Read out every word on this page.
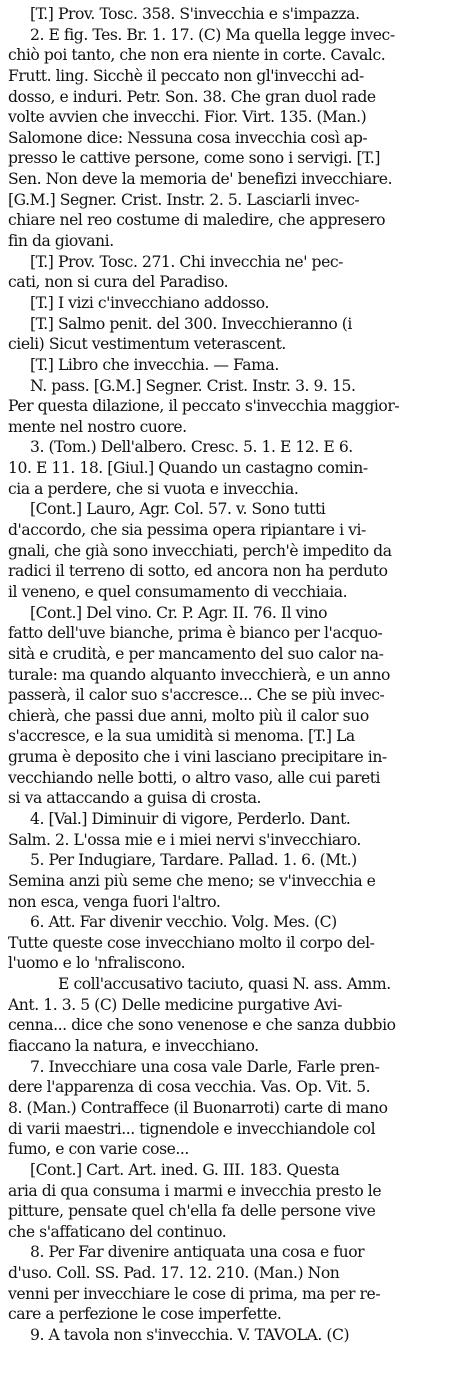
[T.] Prov. Tosc. 358. S'invecchia e s'impazza.
2. E fig. Tes. Br. 1. 17. (C) Ma quella legge invec-
chiò poi tanto, che non era niente in corte. Cavalc.
Frutt. ling. Sicchè il peccato non gl'invecchi ad-
dosso, e induri. Petr. Son. 38. Che gran duol rade
volte avvien che invecchi. Fior. Virt. 135. (Man.)
Salomone dice: Nessuna cosa invecchia così ap-
presso le cattive persone, come sono i servigi. [T.]
Sen. Non deve la memoria de' benefizi invecchiare.
[G.M.] Segner. Crist. Instr. 2. 5. Lasciarli invec-
chiare nel reo costume di maledire, che appresero
fin da giovani.
[T.] Prov. Tosc. 271. Chi invecchia ne' pec-
cati, non si cura del Paradiso.
[T.] I vizi c'invecchiano addosso.
[T.] Salmo penit. del 300. Invecchieranno (i
cieli) Sicut vestimentum veterascent.
[T.] Libro che invecchia. — Fama.
N. pass. [G.M.] Segner. Crist. Instr. 3. 9. 15.
Per questa dilazione, il peccato s'invecchia maggior-
mente nel nostro cuore.
3. (Tom.) Dell'albero. Cresc. 5. 1. E 12. E 6.
10. E 11. 18. [Giul.] Quando un castagno comin-
cia a perdere, che si vuota e invecchia.
[Cont.] Lauro, Agr. Col. 57. v. Sono tutti
d'accordo, che sia pessima opera ripiantare i vi-
gnali, che già sono invecchiati, perch'è impedito da
radici il terreno di sotto, ed ancora non ha perduto
il veneno, e quel consumamento di vecchiaia.
[Cont.] Del vino. Cr. P. Agr. II. 76. Il vino
fatto dell'uve bianche, prima è bianco per l'acquo-
sità e crudità, e per mancamento del suo calor na-
turale: ma quando alquanto invecchierà, e un anno
passerà, il calor suo s'accresce... Che se più invec-
chierà, che passi due anni, molto più il calor suo
s'accresce, e la sua umidità si menoma. [T.] La
gruma è deposito che i vini lasciano precipitare in-
vecchiando nelle botti, o altro vaso, alle cui pareti
si va attaccando a guisa di crosta.
4. [Val.] Diminuir di vigore, Perderlo. Dant.
Salm. 2. L'ossa mie e i miei nervi s'invecchiaro.
5. Per Indugiare, Tardare. Pallad. 1. 6. (Mt.)
Semina anzi più seme che meno; se v'invecchia e
non esca, venga fuori l'altro.
6. Att. Far divenir vecchio. Volg. Mes. (C)
Tutte queste cose invecchiano molto il corpo del-
l'uomo e lo 'nfraliscono.
E coll'accusativo taciuto, quasi N. ass. Amm.
Ant. 1. 3. 5 (C) Delle medicine purgative Avi-
cenna... dice che sono venenose e che sanza dubbio
fiaccano la natura, e invecchiano.
7. Invecchiare una cosa vale Darle, Farle pren-
dere l'apparenza di cosa vecchia. Vas. Op. Vit. 5.
8. (Man.) Contraffece (il Buonarroti) carte di mano
di varii maestri... tignendole e invecchiandole col
fumo, e con varie cose...
[Cont.] Cart. Art. ined. G. III. 183. Questa
aria di qua consuma i marmi e invecchia presto le
pitture, pensate quel ch'ella fa delle persone vive
che s'affaticano del continuo.
8. Per Far divenire antiquata una cosa e fuor
d'uso. Coll. SS. Pad. 17. 12. 210. (Man.) Non
venni per invecchiare le cose di prima, ma per re-
care a perfezione le cose imperfette.
9. A tavola non s'invecchia. V. TAVOLA. (C)
